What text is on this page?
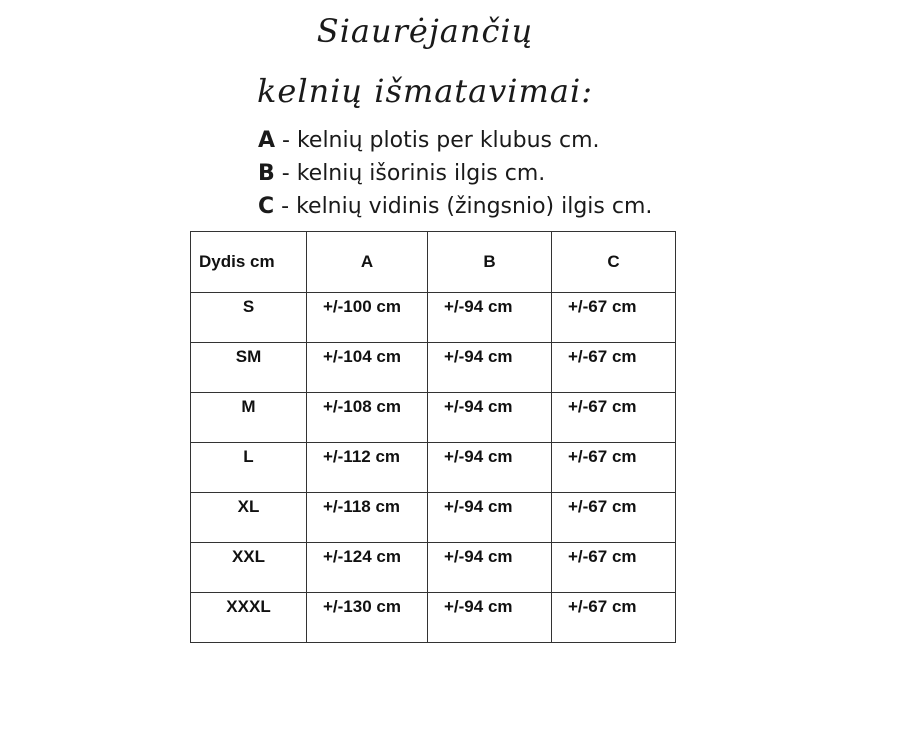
Siaurėjančių
kelnių išmatavimai:
A - kelnių plotis per klubus cm.
B - kelnių išorinis ilgis cm.
C - kelnių vidinis (žingsnio) ilgis cm.
Dydis cm	A	B	C
S	+/-100 cm	+/-94 cm	+/-67 cm
SM	+/-104 cm	+/-94 cm	+/-67 cm
M	+/-108 cm	+/-94 cm	+/-67 cm
L	+/-112 cm	+/-94 cm	+/-67 cm
XL	+/-118 cm	+/-94 cm	+/-67 cm
XXL	+/-124 cm	+/-94 cm	+/-67 cm
XXXL	+/-130 cm	+/-94 cm	+/-67 cm
